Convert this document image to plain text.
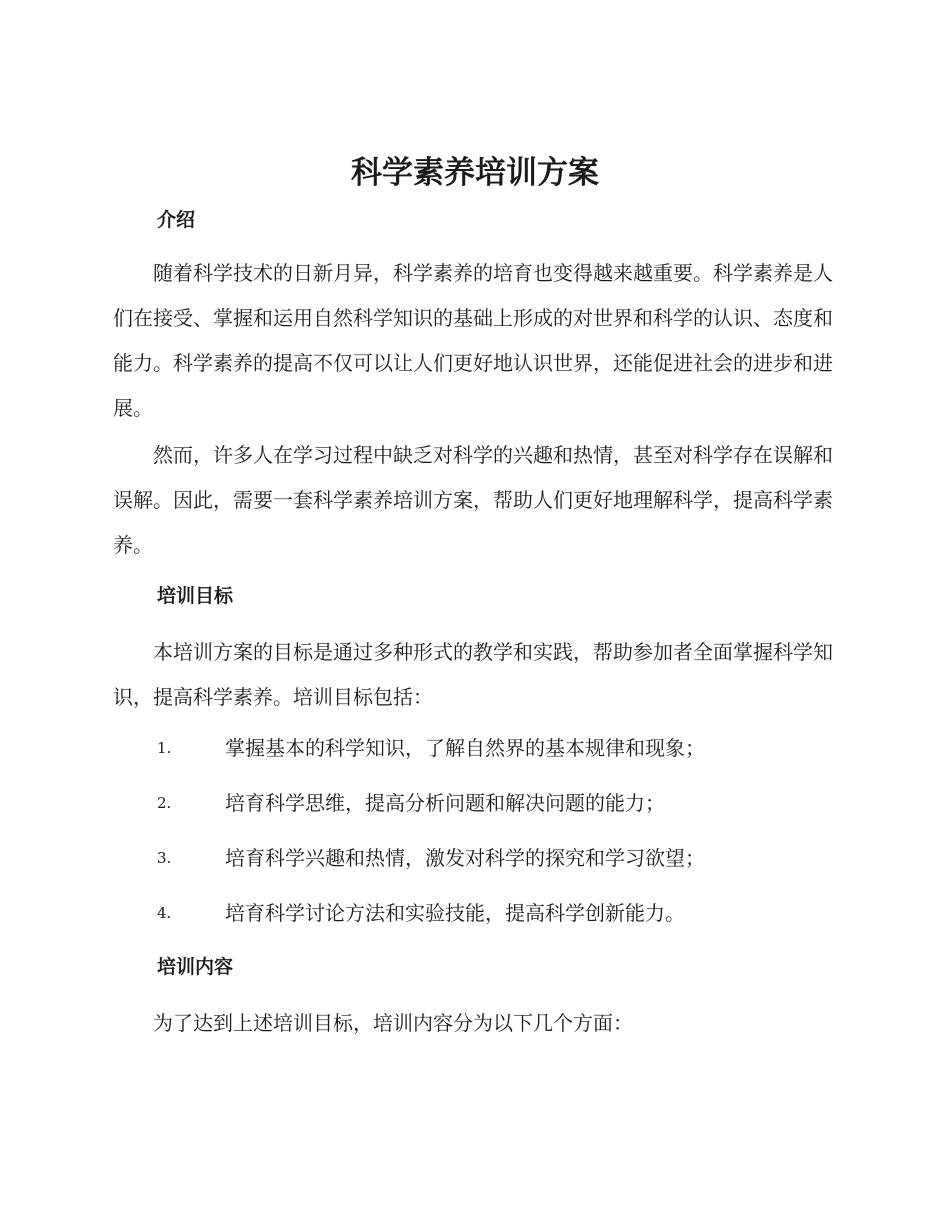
科学素养培训方案
介绍

随着科学技术的日新月异，科学素养的培育也变得越来越重要。科学素养是人们在接受、掌握和运用自然科学知识的基础上形成的对世界和科学的认识、态度和能力。科学素养的提高不仅可以让人们更好地认识世界，还能促进社会的进步和进展。

然而，许多人在学习过程中缺乏对科学的兴趣和热情，甚至对科学存在误解和误解。因此，需要一套科学素养培训方案，帮助人们更好地理解科学，提高科学素养。

培训目标

本培训方案的目标是通过多种形式的教学和实践，帮助参加者全面掌握科学知识，提高科学素养。培训目标包括：

1.	掌握基本的科学知识，了解自然界的基本规律和现象；
2.	培育科学思维，提高分析问题和解决问题的能力；
3.	培育科学兴趣和热情，激发对科学的探究和学习欲望；
4.	培育科学讨论方法和实验技能，提高科学创新能力。
培训内容

为了达到上述培训目标，培训内容分为以下几个方面：
